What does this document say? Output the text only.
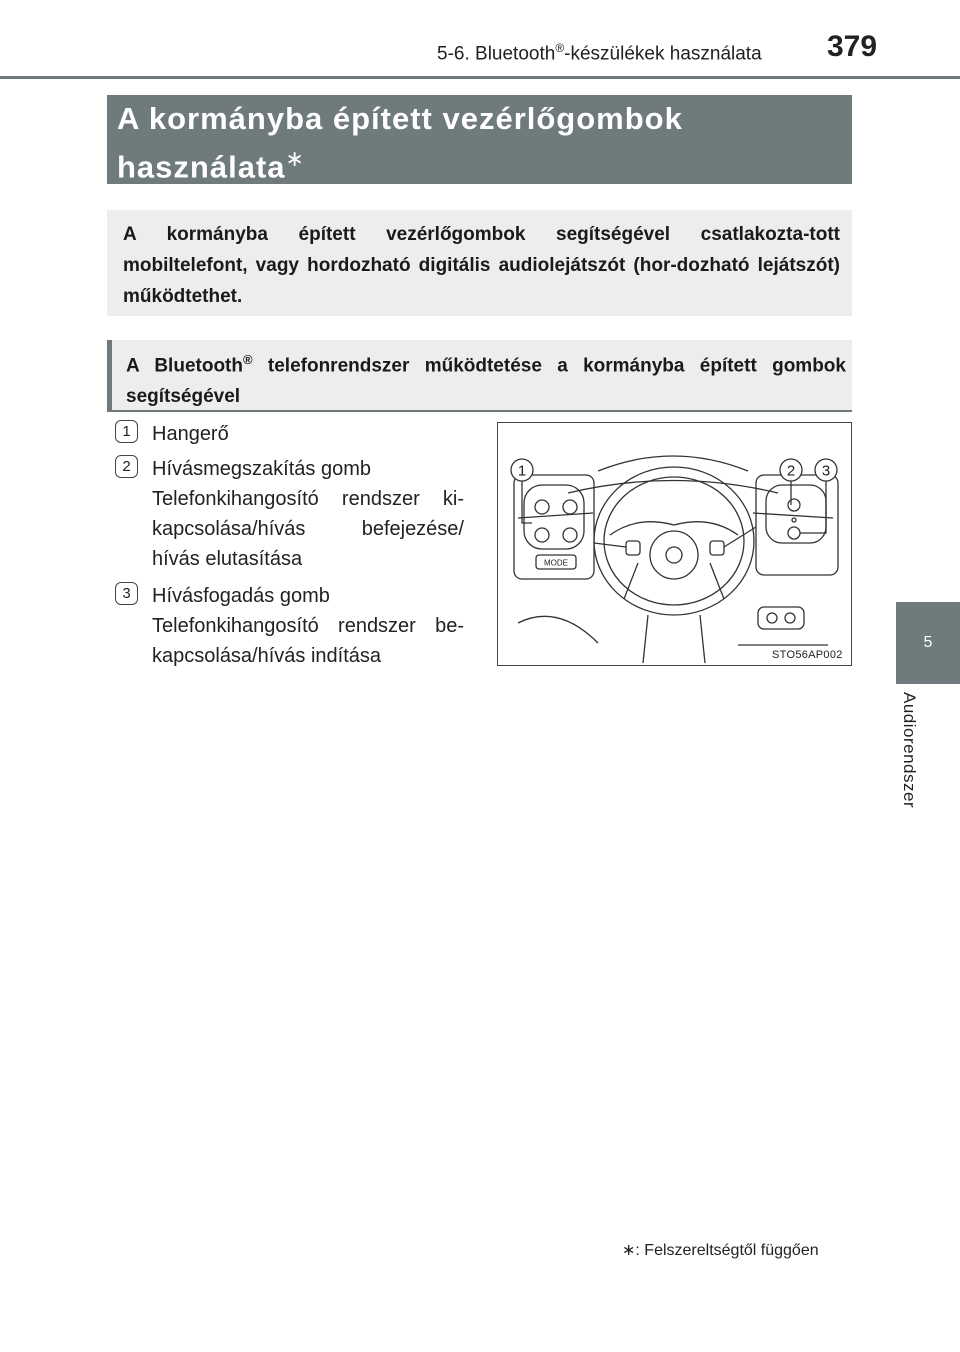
5-6. Bluetooth®-készülékek használata 379
5
Audiorendszer
A kormányba épített vezérlőgombok használata∗

A kormányba épített vezérlőgombok segítségével csatlakozta-tott mobiltelefont, vagy hordozható digitális audiolejátszót (hor-dozható lejátszót) működtethet.

A Bluetooth® telefonrendszer működtetése a kormányba épített gombok segítségével

1	Hangerő
2	Hívásmegszakítás gomb
Telefonkihangosító rendszer ki-kapcsolása/hívás befejezése/ hívás elutasítása
3	Hívásfogadás gomb
Telefonkihangosító rendszer be-kapcsolása/hívás indítása
1	2 3
MODE
STO56AP002
∗: Felszereltségtől függően
